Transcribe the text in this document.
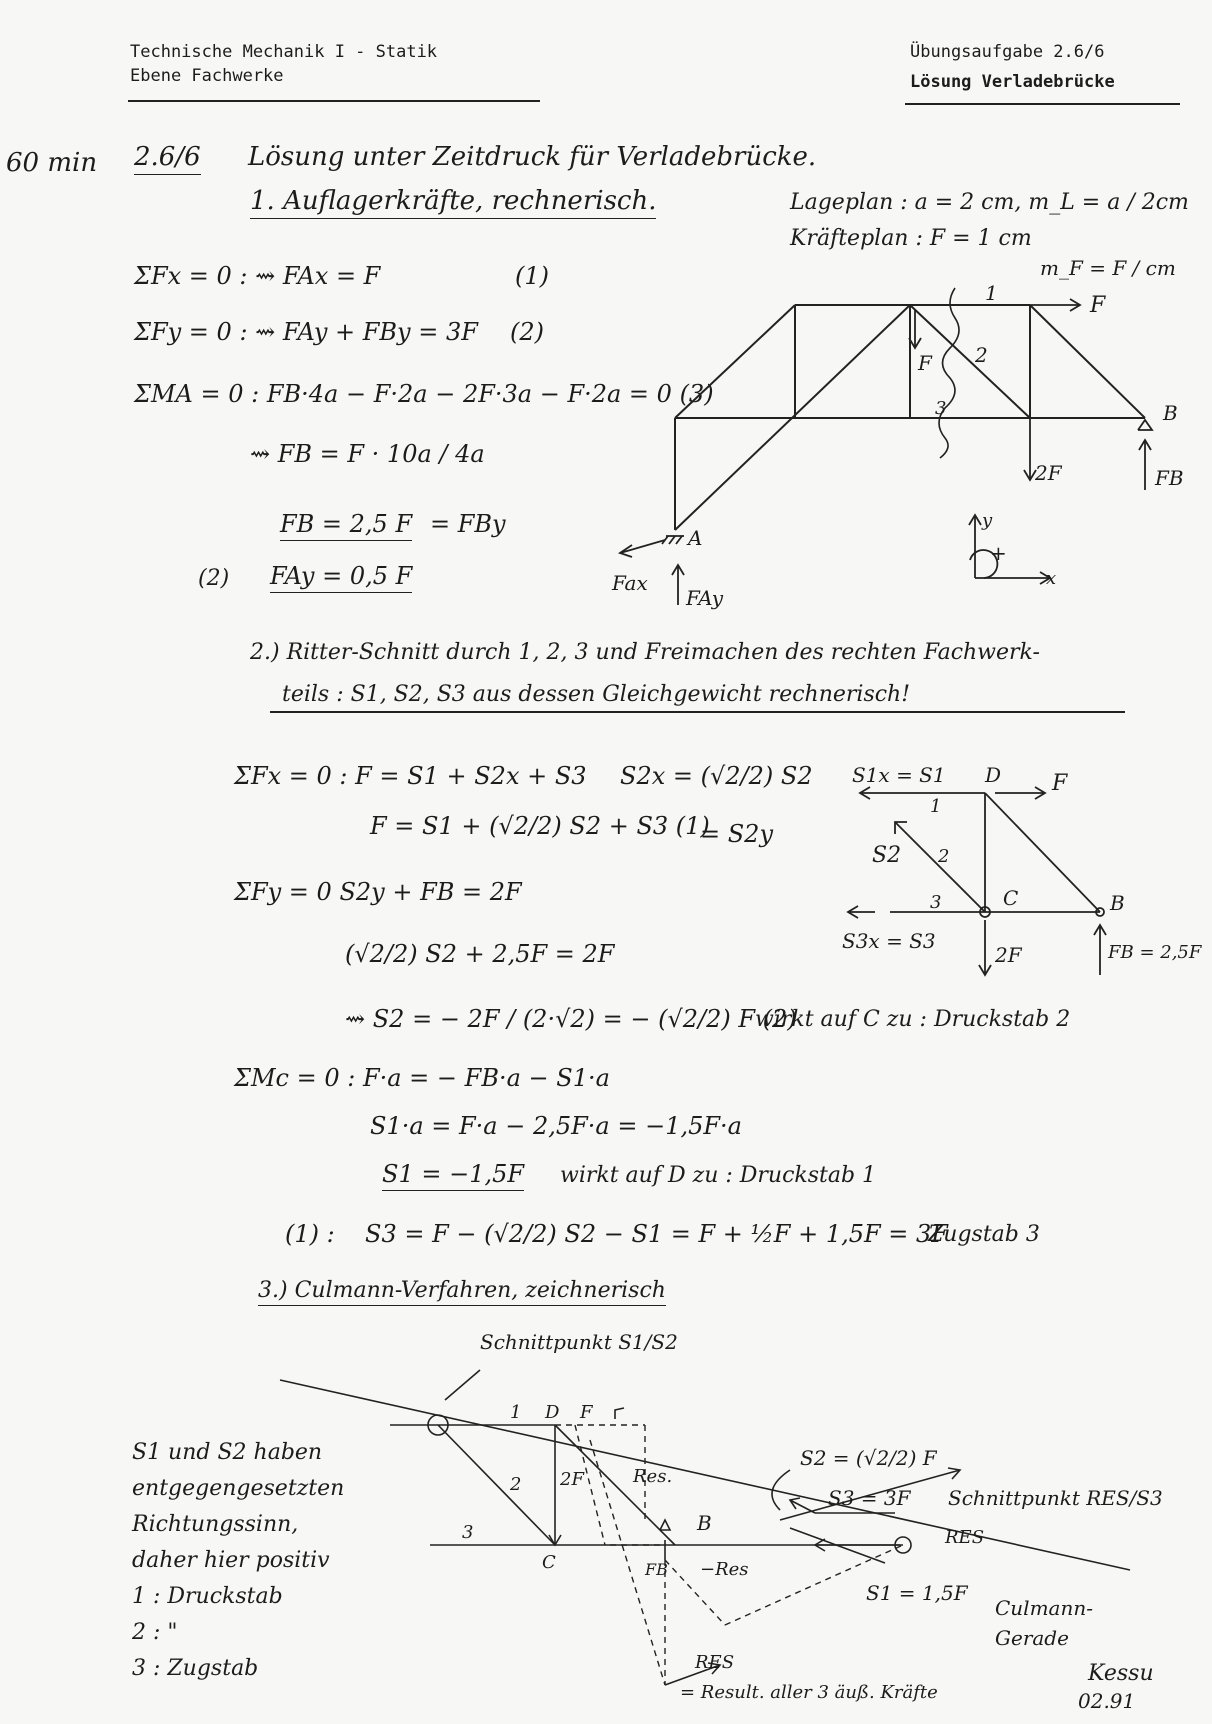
Technische Mechanik I - Statik
Ebene Fachwerke
Übungsaufgabe 2.6/6
Lösung Verladebrücke
60 min 2.6/6 Lösung unter Zeitdruck für Verladebrücke.
1. Auflagerkräfte, rechnerisch.	Lageplan : a = 2 cm, m_L = a / 2cm
Kräfteplan : F = 1 cm
m_F = F / cm
ΣFx = 0 : ⇝ FAx = F	(1)
ΣFy = 0 : ⇝ FAy + FBy = 3F (2)
ΣMA = 0 : FB·4a − F·2a − 2F·3a − F·2a = 0 (3)
⇝ FB = F · 10a / 4a
FB = 2,5 F = FBy
(2) FAy = 0,5 F
B
A
F
F
2F	FB
Fax
FAy
1
2
3
y
x
+
2.) Ritter-Schnitt durch 1, 2, 3 und Freimachen des rechten Fachwerk-
teils : S1, S2, S3 aus dessen Gleichgewicht rechnerisch!
ΣFx = 0 : F = S1 + S2x + S3 S2x = (√2/2) S2
F = S1 + (√2/2) S2 + S3 (1)
= S2y
ΣFy = 0 S2y + FB = 2F
(√2/2) S2 + 2,5F = 2F
⇝ S2 = − 2F / (2·√2) = − (√2/2) F (2)
wirkt auf C zu : Druckstab 2
ΣMc = 0 : F·a = − FB·a − S1·a
S1·a = F·a − 2,5F·a = −1,5F·a
S1 = −1,5F wirkt auf D zu : Druckstab 1
(1) : S3 = F − (√2/2) S2 − S1 = F + ½F + 1,5F = 3F
Zugstab 3
S1x = S1 D F
1
S2 2
3	C	B
S3x = S3
2F	FB = 2,5F
3.) Culmann-Verfahren, zeichnerisch
Schnittpunkt S1/S2
S1 und S2 haben
entgegengesetzten
Richtungssinn,
daher hier positiv
1 : Druckstab
2 : "
3 : Zugstab
1 D F
2 2F	Res.
3
C
B
FB −Res
RES
= Result. aller 3 äuß. Kräfte
S2 = (√2/2) F
S3 = 3F Schnittpunkt RES/S3
RES
S1 = 1,5F
Culmann-
Gerade
Kessu
02.91
